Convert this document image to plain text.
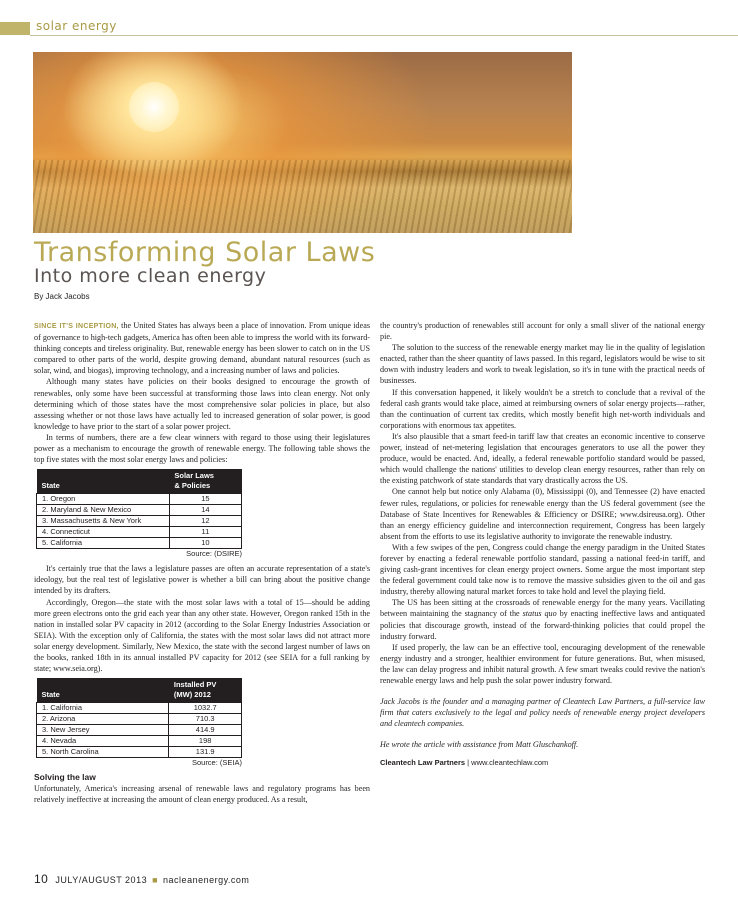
solar energy
Transforming Solar Laws
Into more clean energy
By Jack Jacobs

SINCE IT'S INCEPTION, the United States has always been a place of innovation. From unique ideas of governance to high-tech gadgets, America has often been able to impress the world with its forward-thinking concepts and tireless originality. But, renewable energy has been slower to catch on in the US compared to other parts of the world, despite growing demand, abundant natural resources (such as solar, wind, and biogas), improving technology, and a increasing number of laws and policies.

Although many states have policies on their books designed to encourage the growth of renewables, only some have been successful at transforming those laws into clean energy. Not only determining which of those states have the most comprehensive solar policies in place, but also assessing whether or not those laws have actually led to increased generation of solar power, is good knowledge to have prior to the start of a solar power project.

In terms of numbers, there are a few clear winners with regard to those using their legislatures power as a mechanism to encourage the growth of renewable energy. The following table shows the top five states with the most solar energy laws and policies:

State	Solar Laws
& Policies
1. Oregon	15
2. Maryland & New Mexico	14
3. Massachusetts & New York	12
4. Connecticut	11
5. California	10
Source: (DSIRE)

It's certainly true that the laws a legislature passes are often an accurate representation of a state's ideology, but the real test of legislative power is whether a bill can bring about the positive change intended by its drafters.

Accordingly, Oregon—the state with the most solar laws with a total of 15—should be adding more green electrons onto the grid each year than any other state. However, Oregon ranked 15th in the nation in installed solar PV capacity in 2012 (according to the Solar Energy Industries Association or SEIA). With the exception only of California, the states with the most solar laws did not attract more solar energy development. Similarly, New Mexico, the state with the second largest number of laws on the books, ranked 18th in its annual installed PV capacity for 2012 (see SEIA for a full ranking by state; www.seia.org).

State	Installed PV
(MW) 2012
1. California	1032.7
2. Arizona	710.3
3. New Jersey	414.9
4. Nevada	198
5. North Carolina	131.9
Source: (SEIA)
Solving the law

Unfortunately, America's increasing arsenal of renewable laws and regulatory programs has been relatively ineffective at increasing the amount of clean energy produced. As a result,

the country's production of renewables still account for only a small sliver of the national energy pie.

The solution to the success of the renewable energy market may lie in the quality of legislation enacted, rather than the sheer quantity of laws passed. In this regard, legislators would be wise to sit down with industry leaders and work to tweak legislation, so it's in tune with the practical needs of businesses.

If this conversation happened, it likely wouldn't be a stretch to conclude that a revival of the federal cash grants would take place, aimed at reimbursing owners of solar energy projects—rather, than the continuation of current tax credits, which mostly benefit high net-worth individuals and corporations with enormous tax appetites.

It's also plausible that a smart feed-in tariff law that creates an economic incentive to conserve power, instead of net-metering legislation that encourages generators to use all the power they produce, would be enacted. And, ideally, a federal renewable portfolio standard would be passed, which would challenge the nations' utilities to develop clean energy resources, rather than rely on the existing patchwork of state standards that vary drastically across the US.

One cannot help but notice only Alabama (0), Mississippi (0), and Tennessee (2) have enacted fewer rules, regulations, or policies for renewable energy than the US federal government (see the Database of State Incentives for Renewables & Efficiency or DSIRE; www.dsireusa.org). Other than an energy efficiency guideline and interconnection requirement, Congress has been largely absent from the efforts to use its legislative authority to invigorate the renewable industry.

With a few swipes of the pen, Congress could change the energy paradigm in the United States forever by enacting a federal renewable portfolio standard, passing a national feed-in tariff, and giving cash-grant incentives for clean energy project owners. Some argue the most important step the federal government could take now is to remove the massive subsidies given to the oil and gas industry, thereby allowing natural market forces to take hold and level the playing field.

The US has been sitting at the crossroads of renewable energy for the many years. Vacillating between maintaining the stagnancy of the status quo by enacting ineffective laws and antiquated policies that discourage growth, instead of the forward-thinking policies that could propel the industry forward.

If used properly, the law can be an effective tool, encouraging development of the renewable energy industry and a stronger, healthier environment for future generations. But, when misused, the law can delay progress and inhibit natural growth. A few smart tweaks could revive the nation's renewable energy laws and help push the solar power industry forward.

Jack Jacobs is the founder and a managing partner of Cleantech Law Partners, a full-service law firm that caters exclusively to the legal and policy needs of renewable energy project developers and cleantech companies.

He wrote the article with assistance from Matt Gluschankoff.

Cleantech Law Partners | www.cleantechlaw.com
10 JULY/AUGUST 2013 ■ nacleanenergy.com
